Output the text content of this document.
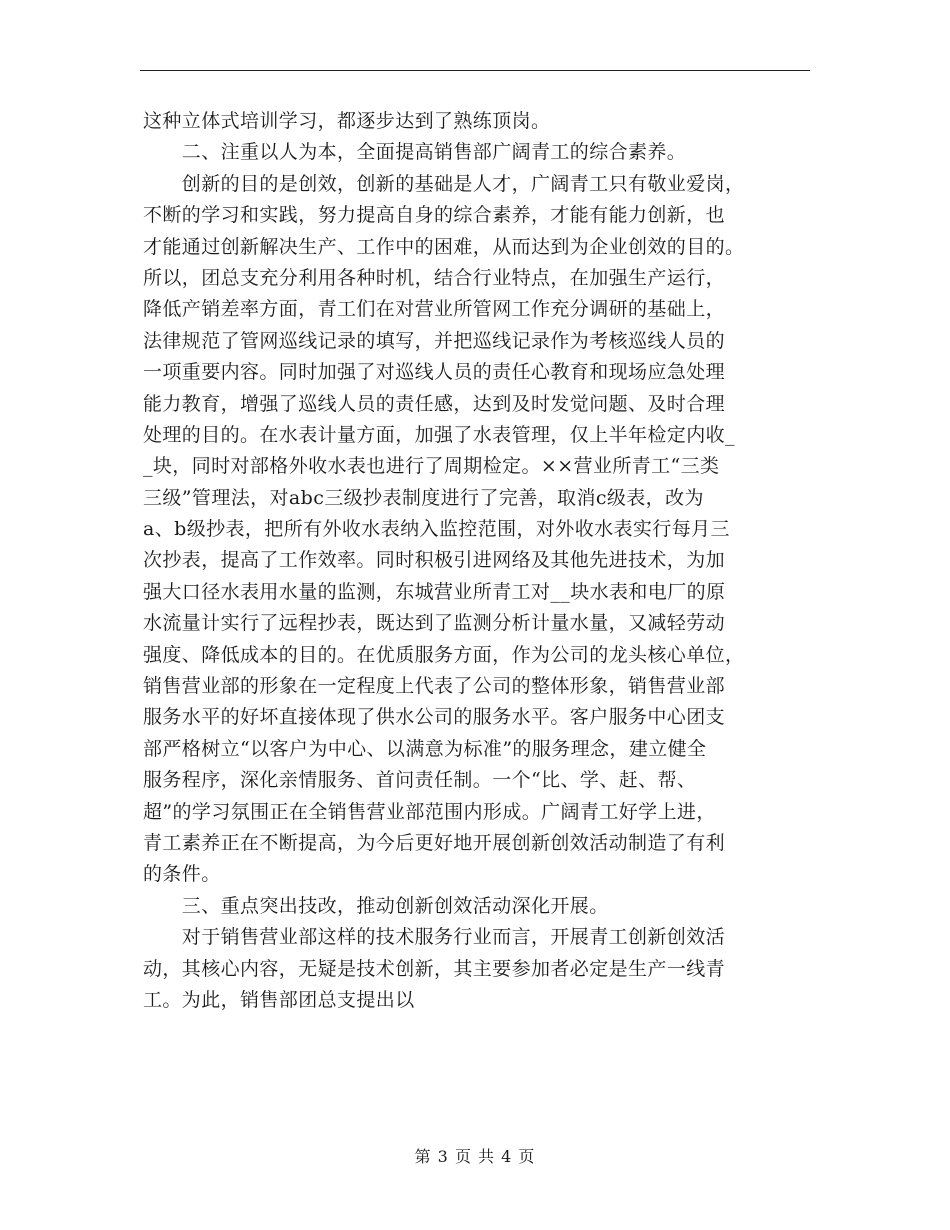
这种立体式培训学习，都逐步达到了熟练顶岗。
　　二、注重以人为本，全面提高销售部广阔青工的综合素养。
　　创新的目的是创效，创新的基础是人才，广阔青工只有敬业爱岗，
不断的学习和实践，努力提高自身的综合素养，才能有能力创新，也
才能通过创新解决生产、工作中的困难，从而达到为企业创效的目的。
所以，团总支充分利用各种时机，结合行业特点，在加强生产运行，
降低产销差率方面，青工们在对营业所管网工作充分调研的基础上，
法律规范了管网巡线记录的填写，并把巡线记录作为考核巡线人员的
一项重要内容。同时加强了对巡线人员的责任心教育和现场应急处理
能力教育，增强了巡线人员的责任感，达到及时发觉问题、及时合理
处理的目的。在水表计量方面，加强了水表管理，仅上半年检定内收_
_块，同时对部格外收水表也进行了周期检定。××营业所青工“三类
三级”管理法，对abc三级抄表制度进行了完善，取消c级表，改为
a、b级抄表，把所有外收水表纳入监控范围，对外收水表实行每月三
次抄表，提高了工作效率。同时积极引进网络及其他先进技术，为加
强大口径水表用水量的监测，东城营业所青工对__块水表和电厂的原
水流量计实行了远程抄表，既达到了监测分析计量水量，又减轻劳动
强度、降低成本的目的。在优质服务方面，作为公司的龙头核心单位，
销售营业部的形象在一定程度上代表了公司的整体形象，销售营业部
服务水平的好坏直接体现了供水公司的服务水平。客户服务中心团支
部严格树立“以客户为中心、以满意为标准”的服务理念，建立健全
服务程序，深化亲情服务、首问责任制。一个“比、学、赶、帮、
超”的学习氛围正在全销售营业部范围内形成。广阔青工好学上进，
青工素养正在不断提高，为今后更好地开展创新创效活动制造了有利
的条件。
　　三、重点突出技改，推动创新创效活动深化开展。
　　对于销售营业部这样的技术服务行业而言，开展青工创新创效活
动，其核心内容，无疑是技术创新，其主要参加者必定是生产一线青
工。为此，销售部团总支提出以
第 3 页 共 4 页
